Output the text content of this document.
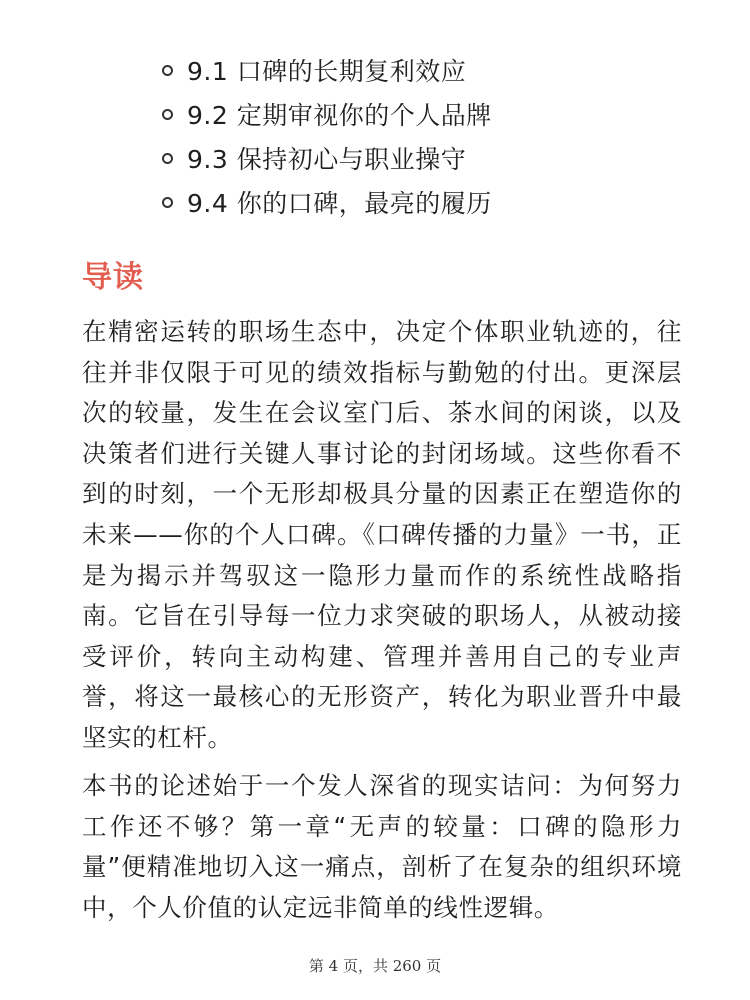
9.1 口碑的长期复利效应
9.2 定期审视你的个人品牌
9.3 保持初心与职业操守
9.4 你的口碑，最亮的履历
导读

在精密运转的职场生态中，决定个体职业轨迹的，往往并非仅限于可见的绩效指标与勤勉的付出。更深层次的较量，发生在会议室门后、茶水间的闲谈，以及决策者们进行关键人事讨论的封闭场域。这些你看不到的时刻，一个无形却极具分量的因素正在塑造你的未来——你的个人口碑。《口碑传播的力量》一书，正是为揭示并驾驭这一隐形力量而作的系统性战略指南。它旨在引导每一位力求突破的职场人，从被动接受评价，转向主动构建、管理并善用自己的专业声誉，将这一最核心的无形资产，转化为职业晋升中最坚实的杠杆。

本书的论述始于一个发人深省的现实诘问：为何努力工作还不够？第一章“无声的较量：口碑的隐形力量”便精准地切入这一痛点，剖析了在复杂的组织环境中，个人价值的认定远非简单的线性逻辑。

第 4 页，共 260 页
